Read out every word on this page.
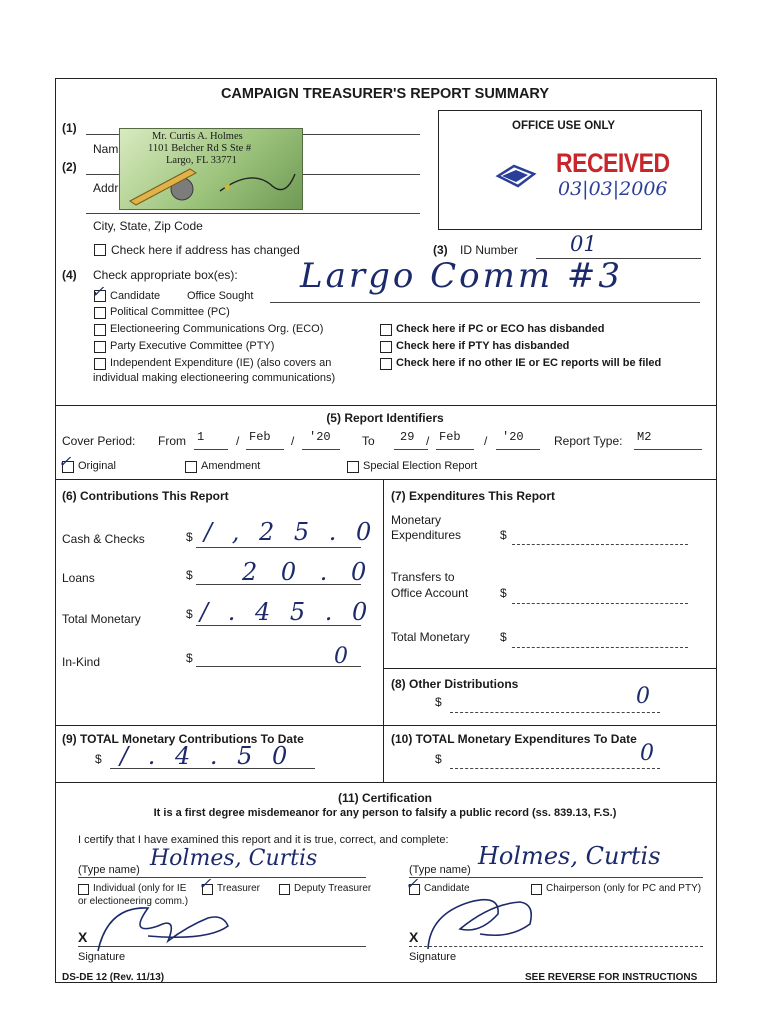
CAMPAIGN TREASURER'S REPORT SUMMARY
(1)
Nam
(2)
Addr
City, State, Zip Code
Mr. Curtis A. Holmes
1101 Belcher Rd S Ste #
Largo, FL 33771
OFFICE USE ONLY
RECEIVED
03|03|2006
Check here if address has changed	(3) ID Number 01
(4) Check appropriate box(es):
✓ Candidate Office Sought Largo Comm #3
Political Committee (PC)
Electioneering Communications Org. (ECO)
Party Executive Committee (PTY)
Independent Expenditure (IE) (also covers an
individual making electioneering communications)
Check here if PC or ECO has disbanded
Check here if PTY has disbanded
Check here if no other IE or EC reports will be filed
(5) Report Identifiers
Cover Period: From 1	/ Feb / '20	To 29 / Feb / '20	Report Type: M2
✓ Original	Amendment	Special Election Report
(6) Contributions This Report
Cash & Checks	$ / , 2 5 . 0
Loans	$ 2 0 . 0
Total Monetary	$ / . 4 5 . 0
In-Kind	$	0
(7) Expenditures This Report
Monetary
Expenditures	$
Transfers to
Office Account	$
Total Monetary	$
(8) Other Distributions
$	0
(9) TOTAL Monetary Contributions To Date
$ / . 4 . 5 0
(10) TOTAL Monetary Expenditures To Date
$	0
(11) Certification
It is a first degree misdemeanor for any person to falsify a public record (ss. 839.13, F.S.)
I certify that I have examined this report and it is true, correct, and complete:
(Type name) Holmes, Curtis	(Type name) Holmes, Curtis
Individual (only for IE
or electioneering comm.)
✓ Treasurer	Deputy Treasurer ✓ Candidate	Chairperson (only for PC and PTY)
X
Signature
X
Signature
DS-DE 12 (Rev. 11/13)	SEE REVERSE FOR INSTRUCTIONS
